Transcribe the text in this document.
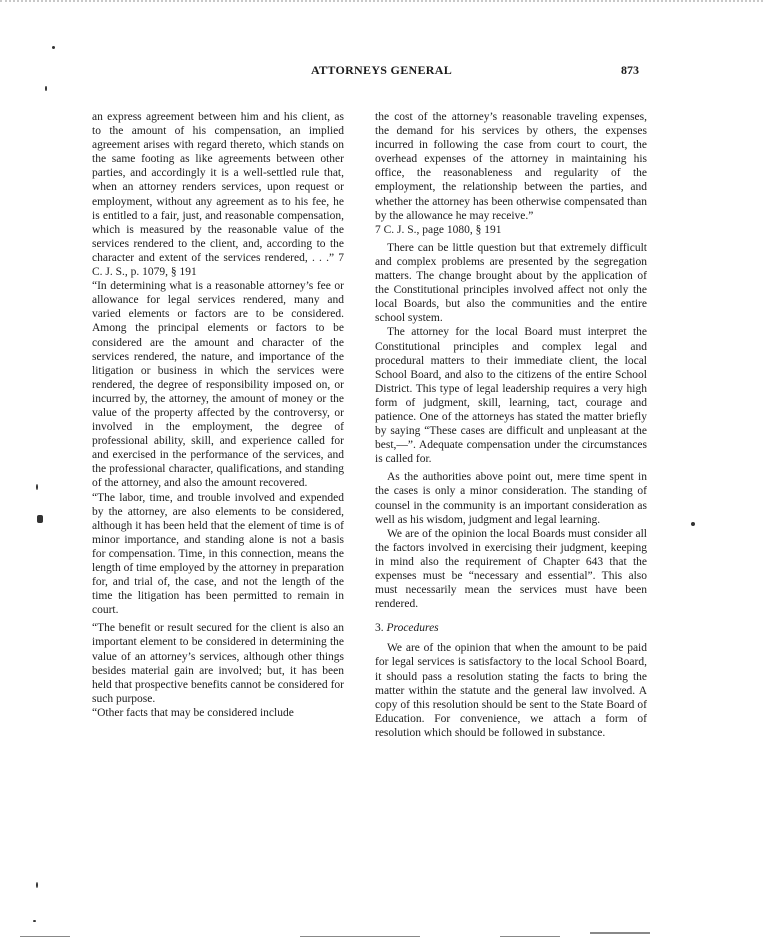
ATTORNEYS GENERAL	873

an express agreement between him and his client, as to the amount of his compensation, an implied agreement arises with regard thereto, which stands on the same footing as like agreements between other parties, and accordingly it is a well-settled rule that, when an attorney renders services, upon request or employment, without any agreement as to his fee, he is entitled to a fair, just, and reasonable compensation, which is measured by the reasonable value of the services rendered to the client, and, according to the character and extent of the services rendered, . . .” 7 C. J. S., p. 1079, § 191

“In determining what is a reasonable attorney’s fee or allowance for legal services rendered, many and varied elements or factors are to be considered. Among the principal elements or factors to be considered are the amount and character of the services rendered, the nature, and importance of the litigation or business in which the services were rendered, the degree of responsibility imposed on, or incurred by, the attorney, the amount of money or the value of the property affected by the controversy, or involved in the employment, the degree of professional ability, skill, and experience called for and exercised in the performance of the services, and the professional character, qualifications, and standing of the attorney, and also the amount recovered.

“The labor, time, and trouble involved and expended by the attorney, are also elements to be considered, although it has been held that the element of time is of minor importance, and standing alone is not a basis for compensation. Time, in this connection, means the length of time employed by the attorney in preparation for, and trial of, the case, and not the length of the time the litigation has been permitted to remain in court.

“The benefit or result secured for the client is also an important element to be considered in determining the value of an attorney’s services, although other things besides material gain are involved; but, it has been held that prospective benefits cannot be considered for such purpose.

“Other facts that may be considered include

the cost of the attorney’s reasonable traveling expenses, the demand for his services by others, the expenses incurred in following the case from court to court, the overhead expenses of the attorney in maintaining his office, the reasonableness and regularity of the employment, the relationship between the parties, and whether the attorney has been otherwise compensated than by the allowance he may receive.”

7 C. J. S., page 1080, § 191

There can be little question but that extremely difficult and complex problems are presented by the segregation matters. The change brought about by the application of the Constitutional principles involved affect not only the local Boards, but also the communities and the entire school system.

The attorney for the local Board must interpret the Constitutional principles and complex legal and procedural matters to their immediate client, the local School Board, and also to the citizens of the entire School District. This type of legal leadership requires a very high form of judgment, skill, learning, tact, courage and patience. One of the attorneys has stated the matter briefly by saying “These cases are difficult and unpleasant at the best,—”. Adequate compensation under the circumstances is called for.

As the authorities above point out, mere time spent in the cases is only a minor consideration. The standing of counsel in the community is an important consideration as well as his wisdom, judgment and legal learning.

We are of the opinion the local Boards must consider all the factors involved in exercising their judgment, keeping in mind also the requirement of Chapter 643 that the expenses must be “necessary and essential”. This also must necessarily mean the services must have been rendered.

3. Procedures

We are of the opinion that when the amount to be paid for legal services is satisfactory to the local School Board, it should pass a resolution stating the facts to bring the matter within the statute and the general law involved. A copy of this resolution should be sent to the State Board of Education. For convenience, we attach a form of resolution which should be followed in substance.
